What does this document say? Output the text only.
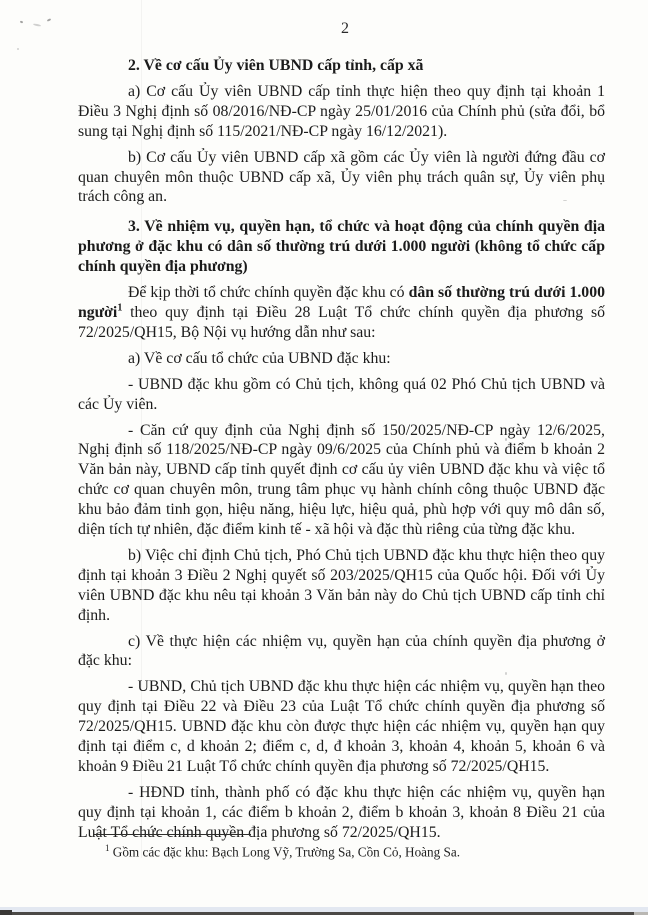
2

2. Về cơ cấu Ủy viên UBND cấp tỉnh, cấp xã

a) Cơ cấu Ủy viên UBND cấp tỉnh thực hiện theo quy định tại khoản 1 Điều 3 Nghị định số 08/2016/NĐ-CP ngày 25/01/2016 của Chính phủ (sửa đổi, bổ sung tại Nghị định số 115/2021/NĐ-CP ngày 16/12/2021).

b) Cơ cấu Ủy viên UBND cấp xã gồm các Ủy viên là người đứng đầu cơ quan chuyên môn thuộc UBND cấp xã, Ủy viên phụ trách quân sự, Ủy viên phụ trách công an.

3. Về nhiệm vụ, quyền hạn, tổ chức và hoạt động của chính quyền địa phương ở đặc khu có dân số thường trú dưới 1.000 người (không tổ chức cấp chính quyền địa phương)

Để kịp thời tổ chức chính quyền đặc khu có dân số thường trú dưới 1.000 người$^1$ theo quy định tại Điều 28 Luật Tổ chức chính quyền địa phương số 72/2025/QH15, Bộ Nội vụ hướng dẫn như sau:

a) Về cơ cấu tổ chức của UBND đặc khu:

- UBND đặc khu gồm có Chủ tịch, không quá 02 Phó Chủ tịch UBND và các Ủy viên.

- Căn cứ quy định của Nghị định số 150/2025/NĐ-CP ngày 12/6/2025, Nghị định số 118/2025/NĐ-CP ngày 09/6/2025 của Chính phủ và điểm b khoản 2 Văn bản này, UBND cấp tỉnh quyết định cơ cấu ủy viên UBND đặc khu và việc tổ chức cơ quan chuyên môn, trung tâm phục vụ hành chính công thuộc UBND đặc khu bảo đảm tinh gọn, hiệu năng, hiệu lực, hiệu quả, phù hợp với quy mô dân số, diện tích tự nhiên, đặc điểm kinh tế - xã hội và đặc thù riêng của từng đặc khu.

b) Việc chỉ định Chủ tịch, Phó Chủ tịch UBND đặc khu thực hiện theo quy định tại khoản 3 Điều 2 Nghị quyết số 203/2025/QH15 của Quốc hội. Đối với Ủy viên UBND đặc khu nêu tại khoản 3 Văn bản này do Chủ tịch UBND cấp tỉnh chỉ định.

c) Về thực hiện các nhiệm vụ, quyền hạn của chính quyền địa phương ở đặc khu:

- UBND, Chủ tịch UBND đặc khu thực hiện các nhiệm vụ, quyền hạn theo quy định tại Điều 22 và Điều 23 của Luật Tổ chức chính quyền địa phương số 72/2025/QH15. UBND đặc khu còn được thực hiện các nhiệm vụ, quyền hạn quy định tại điểm c, d khoản 2; điểm c, d, đ khoản 3, khoản 4, khoản 5, khoản 6 và khoản 9 Điều 21 Luật Tổ chức chính quyền địa phương số 72/2025/QH15.

- HĐND tỉnh, thành phố có đặc khu thực hiện các nhiệm vụ, quyền hạn quy định tại khoản 1, các điểm b khoản 2, điểm b khoản 3, khoản 8 Điều 21 của Luật Tổ chức chính quyền địa phương số 72/2025/QH15.

$^1$ Gồm các đặc khu: Bạch Long Vỹ, Trường Sa, Cồn Cỏ, Hoàng Sa.
